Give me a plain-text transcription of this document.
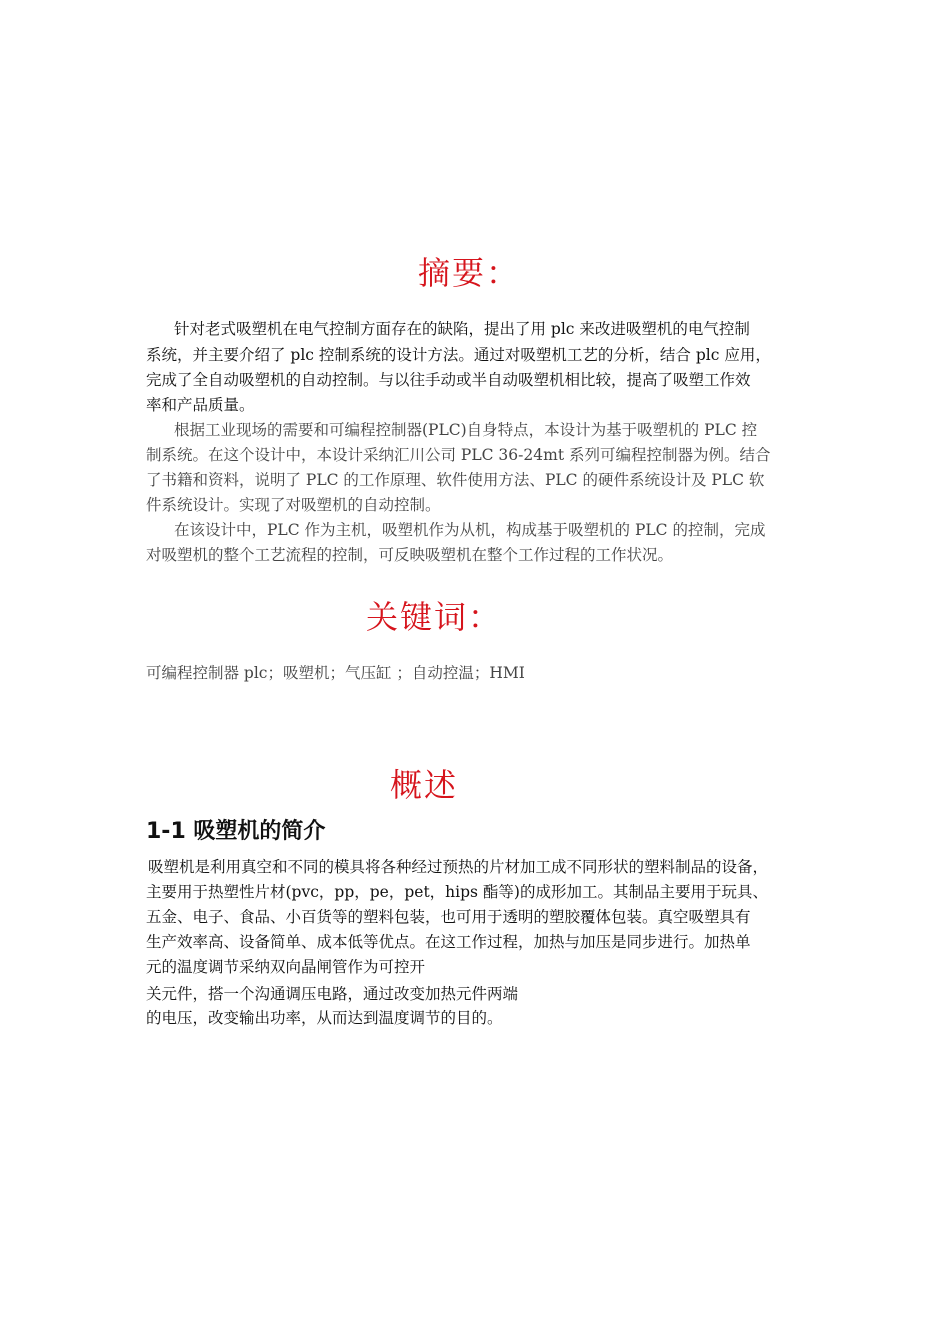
摘要：

针对老式吸塑机在电气控制方面存在的缺陷，提出了用 plc 来改进吸塑机的电气控制

系统，并主要介绍了 plc 控制系统的设计方法。通过对吸塑机工艺的分析，结合 plc 应用，

完成了全自动吸塑机的自动控制。与以往手动或半自动吸塑机相比较，提高了吸塑工作效

率和产品质量。

根据工业现场的需要和可编程控制器(PLC)自身特点，本设计为基于吸塑机的 PLC 控

制系统。在这个设计中，本设计采纳汇川公司 PLC 36-24mt 系列可编程控制器为例。结合

了书籍和资料，说明了 PLC 的工作原理、软件使用方法、PLC 的硬件系统设计及 PLC 软

件系统设计。实现了对吸塑机的自动控制。

在该设计中，PLC 作为主机，吸塑机作为从机，构成基于吸塑机的 PLC 的控制，完成

对吸塑机的整个工艺流程的控制，可反映吸塑机在整个工作过程的工作状况。

关键词：

可编程控制器 plc；吸塑机；气压缸 ；自动控温；HMI

概述
1-1 吸塑机的简介

吸塑机是利用真空和不同的模具将各种经过预热的片材加工成不同形状的塑料制品的设备，

主要用于热塑性片材(pvc，pp，pe，pet，hips 酯等)的成形加工。其制品主要用于玩具、

五金、电子、食品、小百货等的塑料包装，也可用于透明的塑胶覆体包装。真空吸塑具有

生产效率高、设备简单、成本低等优点。在这工作过程，加热与加压是同步进行。加热单

元的温度调节采纳双向晶闸管作为可控开

关元件，搭一个沟通调压电路，通过改变加热元件两端

的电压，改变输出功率，从而达到温度调节的目的。
